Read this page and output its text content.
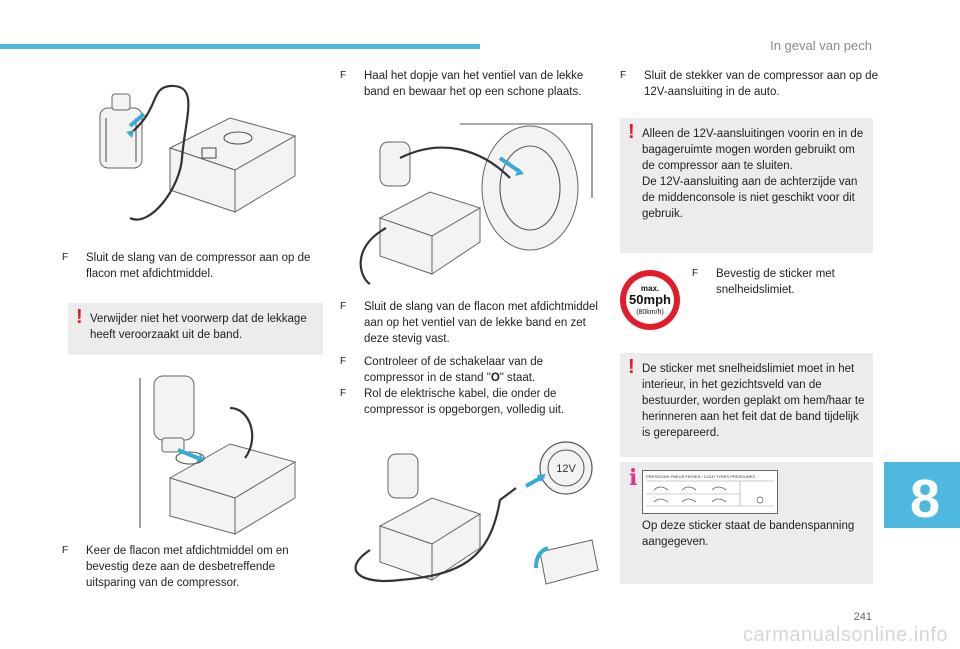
In geval van pech
8
241
carmanualsonline.info
F	Sluit de slang van de compressor aan op de flacon met afdichtmiddel.
! Verwijder niet het voorwerp dat de lekkage heeft veroorzaakt uit de band.
F	Keer de flacon met afdichtmiddel om en bevestig deze aan de desbetreffende uitsparing van de compressor.
F	Haal het dopje van het ventiel van de lekke band en bewaar het op een schone plaats.
F	Sluit de slang van de flacon met afdichtmiddel aan op het ventiel van de lekke band en zet deze stevig vast.
F	Controleer of de schakelaar van de compressor in de stand "O" staat.
F	Rol de elektrische kabel, die onder de compressor is opgeborgen, volledig uit.
12V
F	Sluit de stekker van de compressor aan op de 12V-aansluiting in de auto.
! Alleen de 12V-aansluitingen voorin en in de bagageruimte mogen worden gebruikt om de compressor aan te sluiten.
De 12V-aansluiting aan de achterzijde van de middenconsole is niet geschikt voor dit gebruik.
max.
50mph
(80km/h)
F	Bevestig de sticker met snelheidslimiet.
! De sticker met snelheidslimiet moet in het interieur, in het gezichtsveld van de bestuurder, worden geplakt om hem/haar te herinneren aan het feit dat de band tijdelijk is gerepareerd.
i PRESSIONS PNEUS FROIDS / COLD TYRES PRESSURES
Op deze sticker staat de bandenspanning aangegeven.
